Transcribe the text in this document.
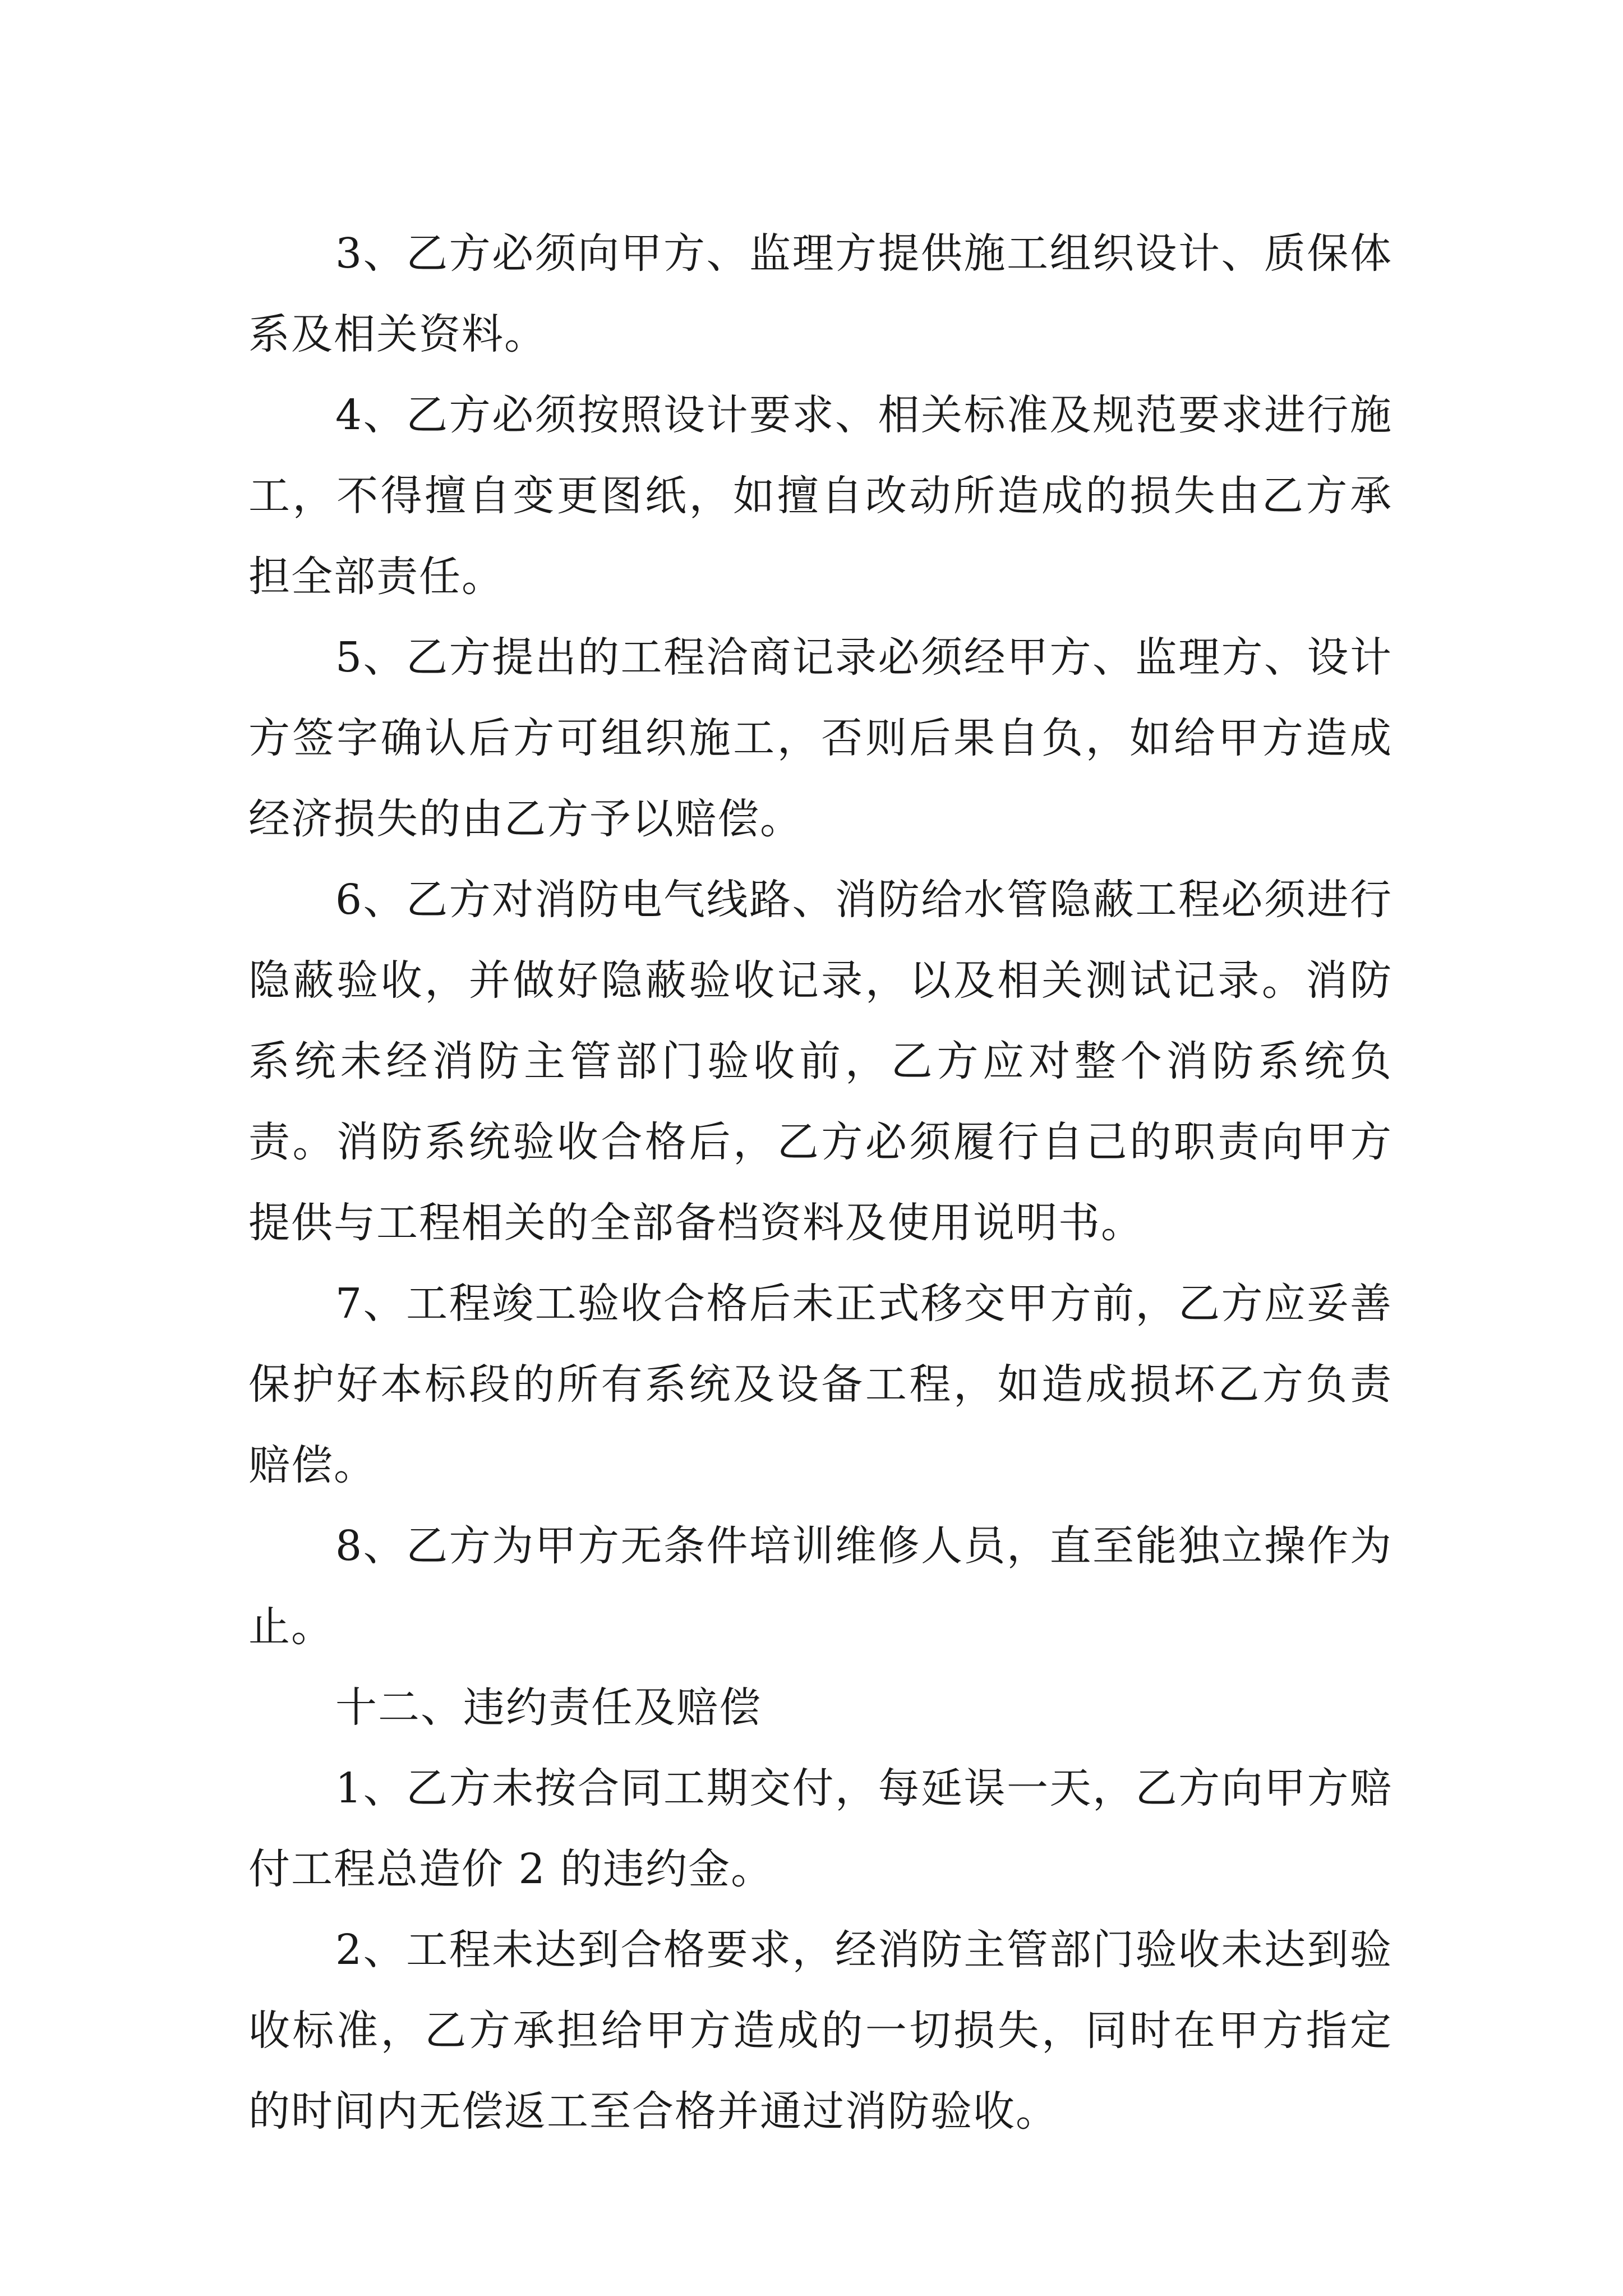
3、乙方必须向甲方、监理方提供施工组织设计、质保体系及相关资料。

4、乙方必须按照设计要求、相关标准及规范要求进行施工，不得擅自变更图纸，如擅自改动所造成的损失由乙方承担全部责任。

5、乙方提出的工程洽商记录必须经甲方、监理方、设计方签字确认后方可组织施工，否则后果自负，如给甲方造成经济损失的由乙方予以赔偿。

6、乙方对消防电气线路、消防给水管隐蔽工程必须进行隐蔽验收，并做好隐蔽验收记录，以及相关测试记录。消防系统未经消防主管部门验收前，乙方应对整个消防系统负责。消防系统验收合格后，乙方必须履行自己的职责向甲方提供与工程相关的全部备档资料及使用说明书。

7、工程竣工验收合格后未正式移交甲方前，乙方应妥善保护好本标段的所有系统及设备工程，如造成损坏乙方负责赔偿。

8、乙方为甲方无条件培训维修人员，直至能独立操作为止。

十二、违约责任及赔偿

1、乙方未按合同工期交付，每延误一天，乙方向甲方赔付工程总造价 2 的违约金。

2、工程未达到合格要求，经消防主管部门验收未达到验收标准，乙方承担给甲方造成的一切损失，同时在甲方指定的时间内无偿返工至合格并通过消防验收。
